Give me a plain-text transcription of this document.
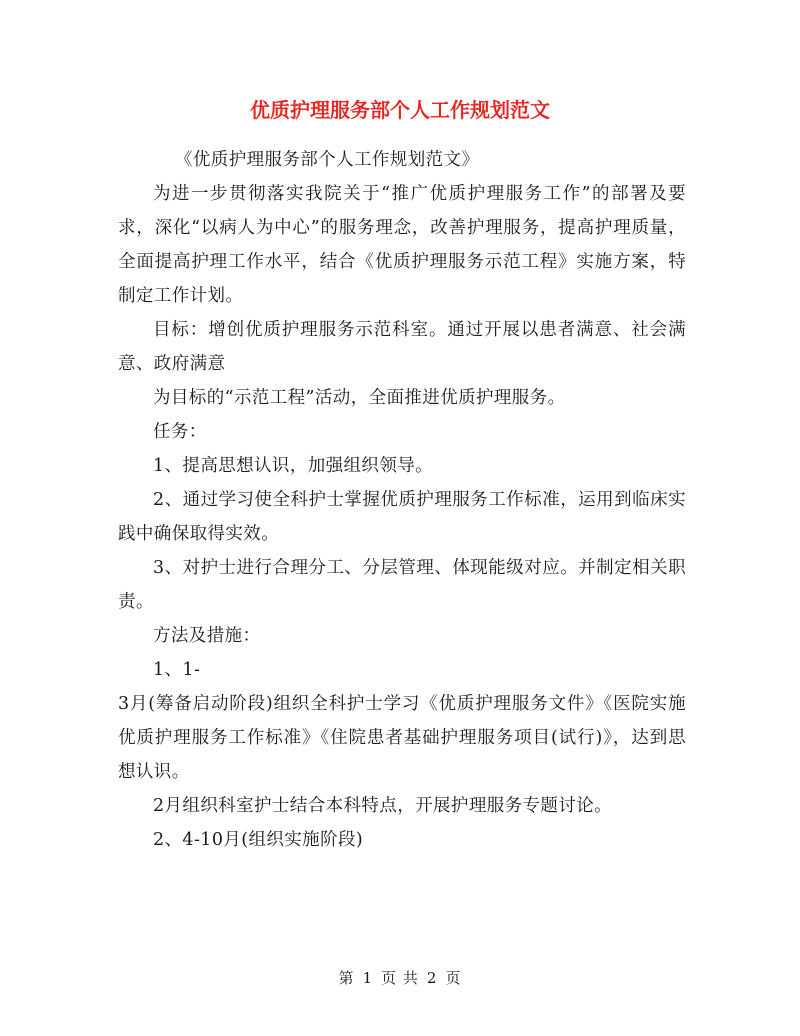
优质护理服务部个人工作规划范文

《优质护理服务部个人工作规划范文》

为进一步贯彻落实我院关于“推广优质护理服务工作”的部署及要求，深化“以病人为中心”的服务理念，改善护理服务，提高护理质量，全面提高护理工作水平，结合《优质护理服务示范工程》实施方案，特制定工作计划。

目标：增创优质护理服务示范科室。通过开展以患者满意、社会满意、政府满意

为目标的“示范工程”活动，全面推进优质护理服务。

任务：

1、提高思想认识，加强组织领导。

2、通过学习使全科护士掌握优质护理服务工作标准，运用到临床实践中确保取得实效。

3、对护士进行合理分工、分层管理、体现能级对应。并制定相关职责。

方法及措施：

1、1-

3月(筹备启动阶段)组织全科护士学习《优质护理服务文件》《医院实施优质护理服务工作标准》《住院患者基础护理服务项目(试行)》，达到思想认识。

2月组织科室护士结合本科特点，开展护理服务专题讨论。

2、4-10月(组织实施阶段)

第 1 页 共 2 页
